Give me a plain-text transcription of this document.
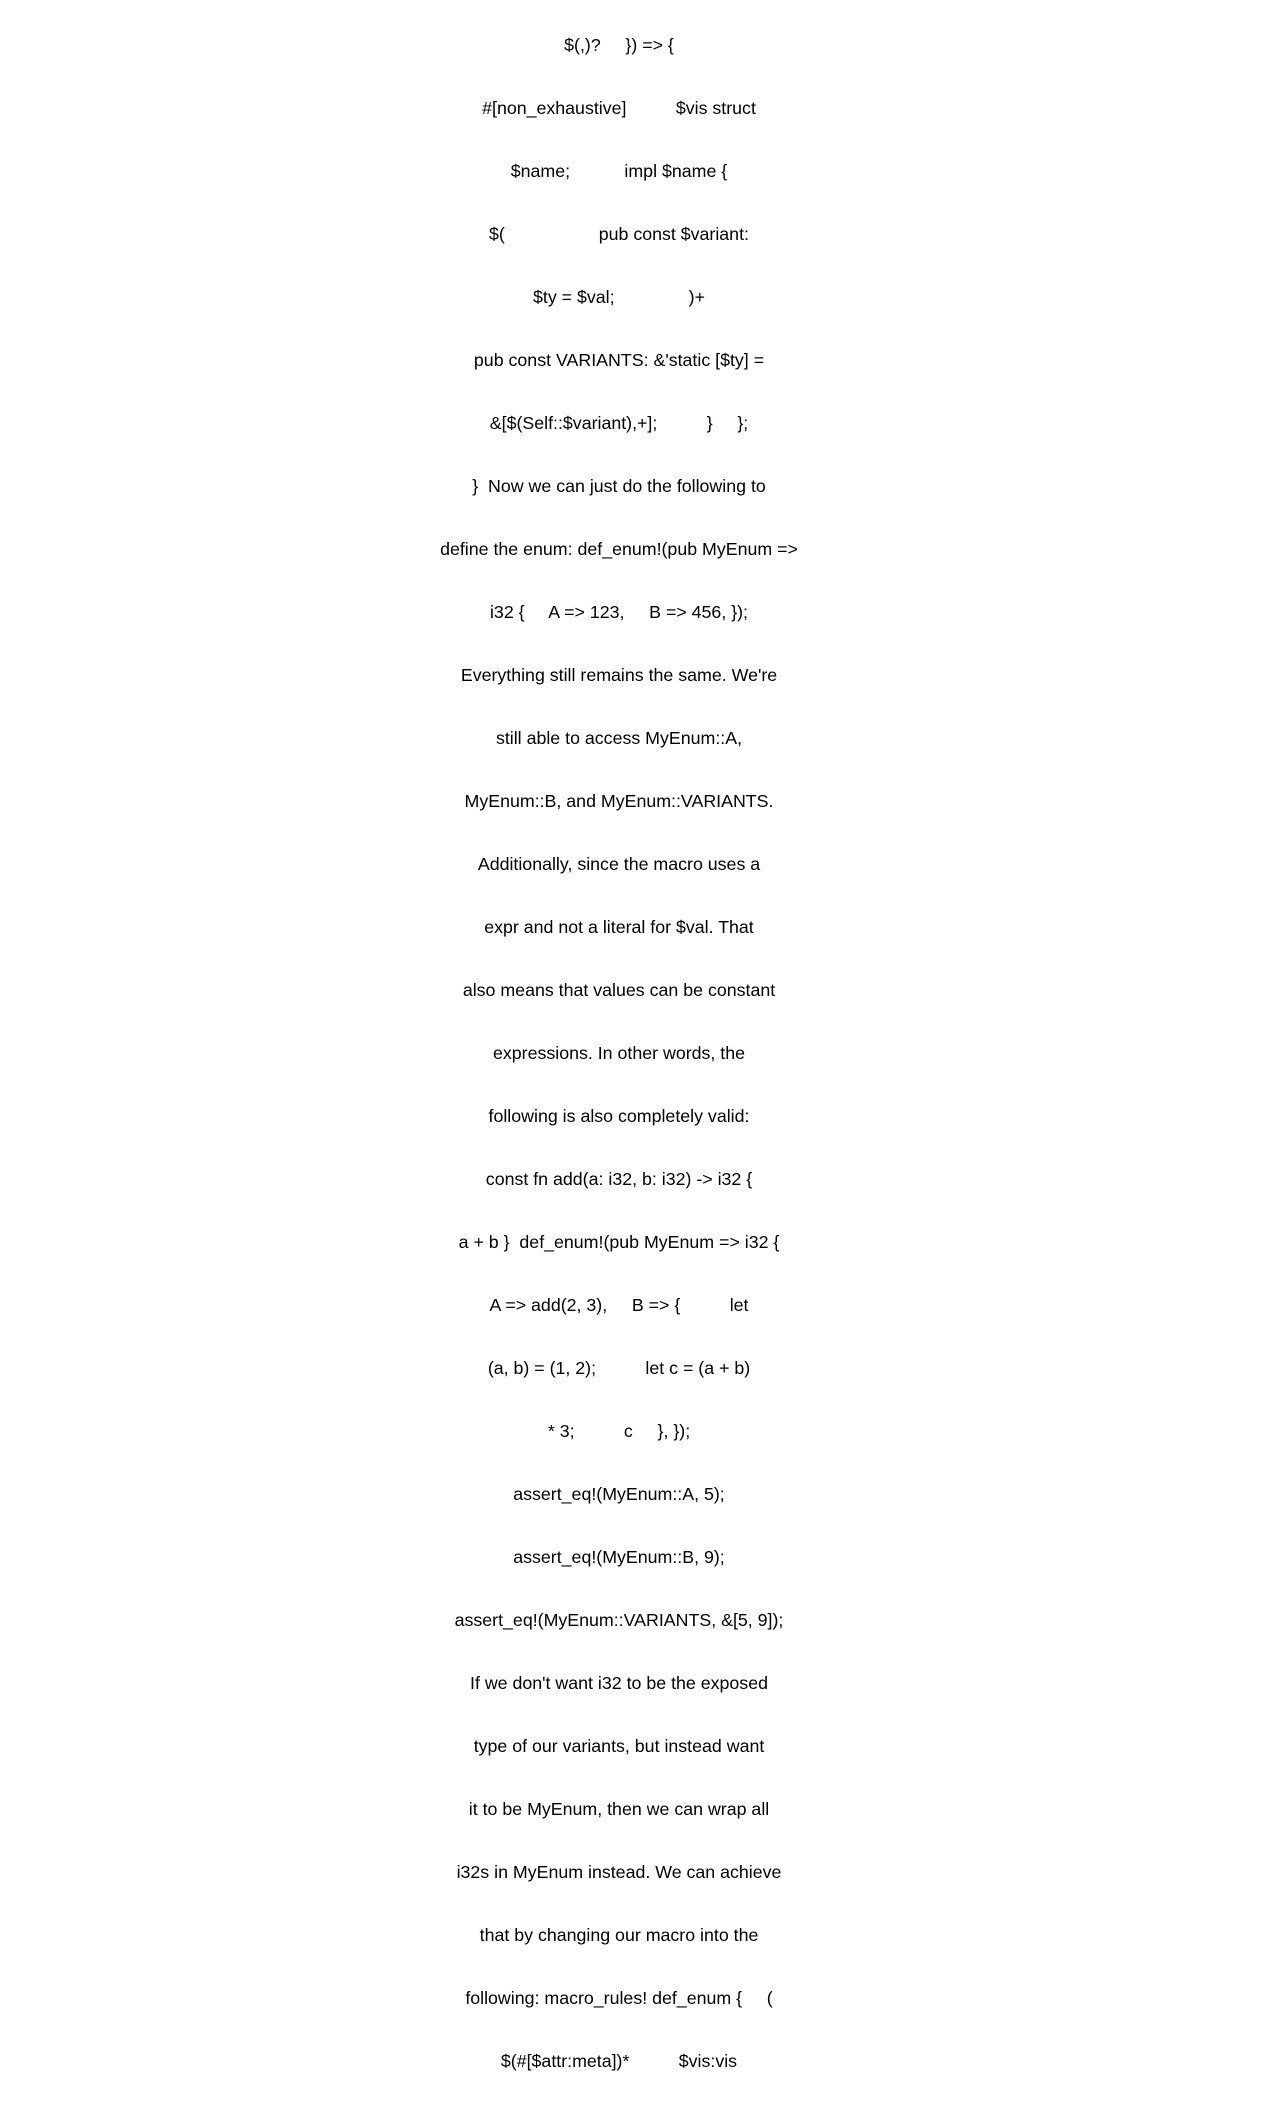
$(,)?     }) => {

#[non_exhaustive]          $vis struct

$name;           impl $name {

$(                   pub const $variant:

$ty = $val;               )+

pub const VARIANTS: &'static [$ty] =

&[$(Self::$variant),+];          }     };

}  Now we can just do the following to

define the enum: def_enum!(pub MyEnum =>

i32 {     A => 123,     B => 456, });

Everything still remains the same. We're

still able to access MyEnum::A,

MyEnum::B, and MyEnum::VARIANTS.

Additionally, since the macro uses a

expr and not a literal for $val. That

also means that values can be constant

expressions. In other words, the

following is also completely valid:

const fn add(a: i32, b: i32) -> i32 {

a + b }  def_enum!(pub MyEnum => i32 {

A => add(2, 3),     B => {          let

(a, b) = (1, 2);          let c = (a + b)

* 3;          c     }, });

assert_eq!(MyEnum::A, 5);

assert_eq!(MyEnum::B, 9);

assert_eq!(MyEnum::VARIANTS, &[5, 9]);

If we don't want i32 to be the exposed

type of our variants, but instead want

it to be MyEnum, then we can wrap all

i32s in MyEnum instead. We can achieve

that by changing our macro into the

following: macro_rules! def_enum {     (

$(#[$attr:meta])*          $vis:vis
